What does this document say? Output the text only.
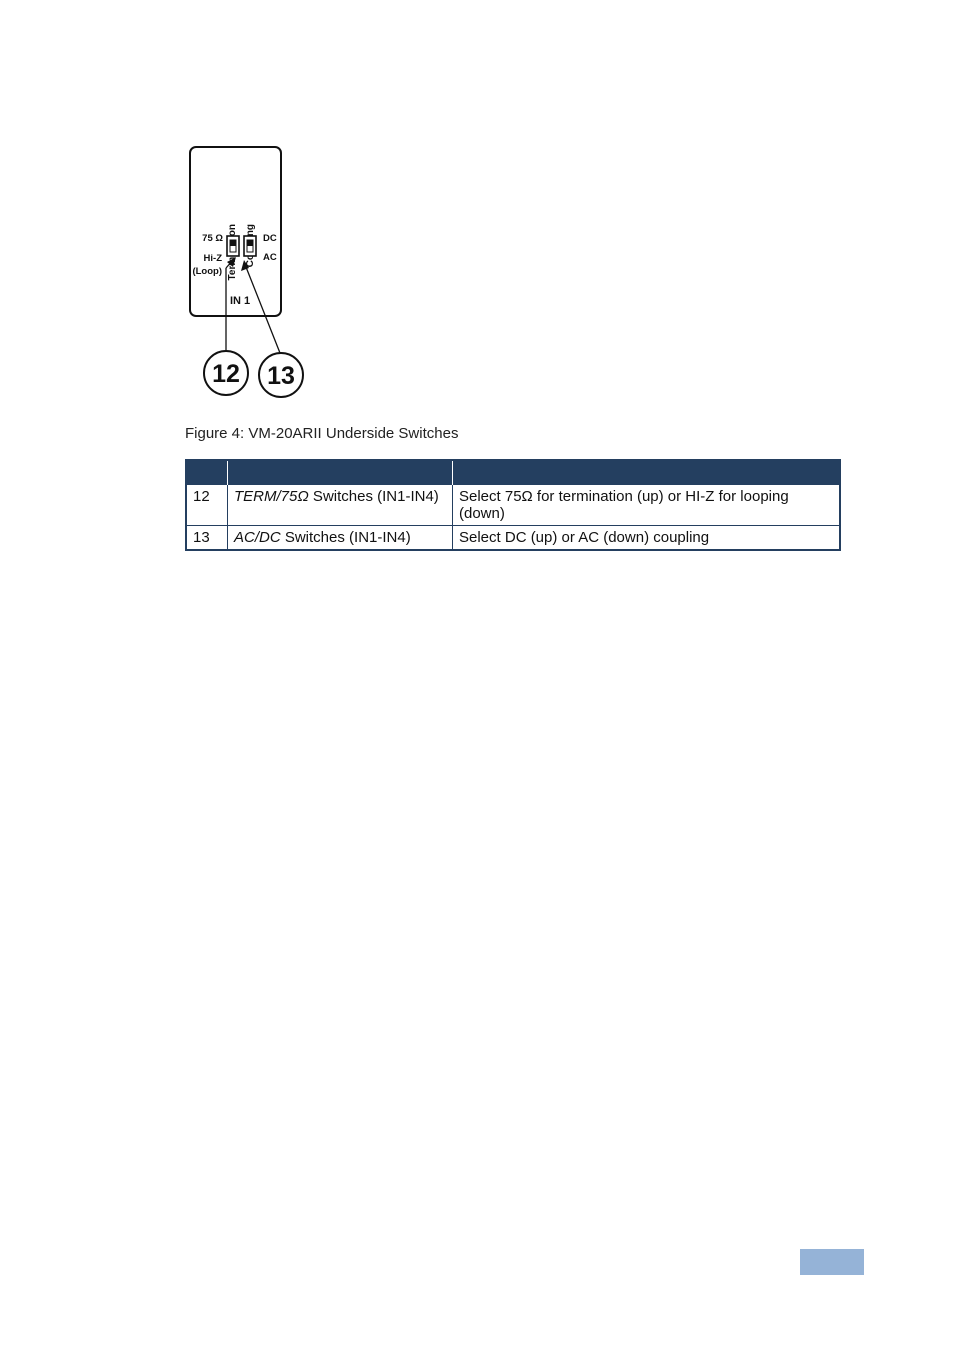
75 Ω
Hi-Z
(Loop)
DC
AC
IN 1
12 13
Figure 4: VM-20ARII Underside Switches

12	TERM/75Ω Switches (IN1-IN4)	Select 75Ω for termination (up) or HI-Z for looping (down)
13	AC/DC Switches (IN1-IN4)	Select DC (up) or AC (down) coupling
